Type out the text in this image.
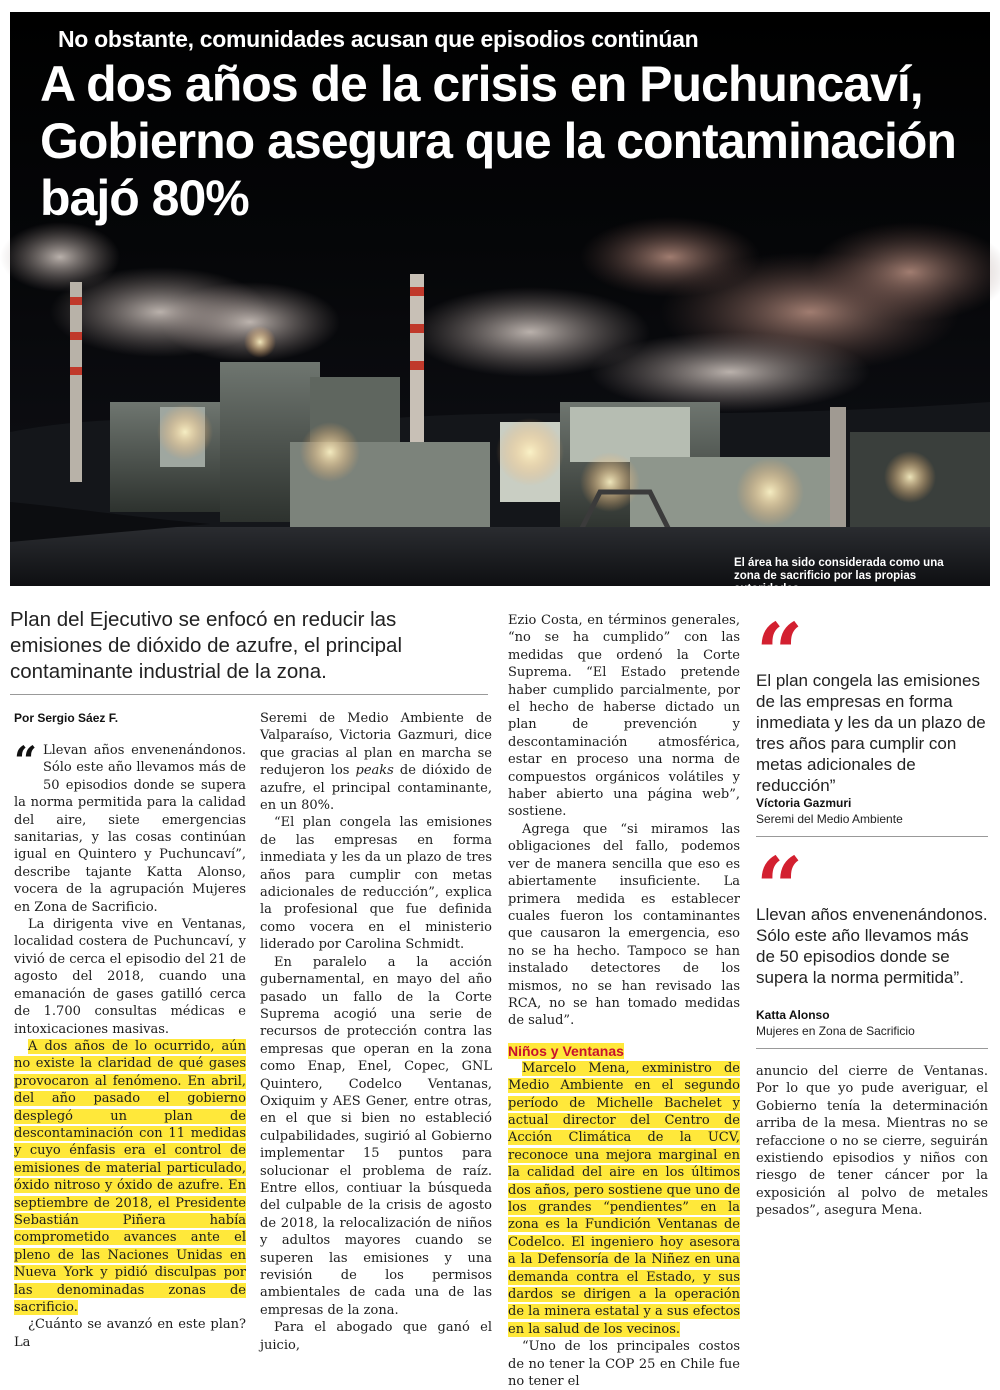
No obstante, comunidades acusan que episodios continúan

A dos años de la crisis en Puchuncaví, Gobierno asegura que la contaminación bajó 80%

El área ha sido considerada como una zona de sacrificio por las propias autoridades.

Plan del Ejecutivo se enfocó en reducir las emisiones de dióxido de azufre, el principal contaminante industrial de la zona.

Por Sergio Sáez F.

“ Llevan años envenenándonos. Sólo este año llevamos más de 50 episodios donde se supera la norma permitida para la calidad del aire, siete emergencias sanitarias, y las cosas continúan igual en Quintero y Puchuncaví”, describe tajante Katta Alonso, vocera de la agrupación Mujeres en Zona de Sacrificio.

La dirigenta vive en Ventanas, localidad costera de Puchuncaví, y vivió de cerca el episodio del 21 de agosto del 2018, cuando una emanación de gases gatilló cerca de 1.700 consultas médicas e intoxicaciones masivas.

A dos años de lo ocurrido, aún no existe la claridad de qué gases provocaron al fenómeno. En abril, del año pasado el gobierno desplegó un plan de descontaminación con 11 medidas y cuyo énfasis era el control de emisiones de material particulado, óxido nitroso y óxido de azufre. En septiembre de 2018, el Presidente Sebastián Piñera había comprometido avances ante el pleno de las Naciones Unidas en Nueva York y pidió disculpas por las denominadas zonas de sacrificio.

¿Cuánto se avanzó en este plan? La

Seremi de Medio Ambiente de Valparaíso, Victoria Gazmuri, dice que gracias al plan en marcha se redujeron los peaks de dióxido de azufre, el principal contaminante, en un 80%.

“El plan congela las emisiones de las empresas en forma inmediata y les da un plazo de tres años para cumplir con metas adicionales de reducción”, explica la profesional que fue definida como vocera en el ministerio liderado por Carolina Schmidt.

En paralelo a la acción gubernamental, en mayo del año pasado un fallo de la Corte Suprema acogió una serie de recursos de protección contra las empresas que operan en la zona como Enap, Enel, Copec, GNL Quintero, Codelco Ventanas, Oxiquim y AES Gener, entre otras, en el que si bien no estableció culpabilidades, sugirió al Gobierno implementar 15 puntos para solucionar el problema de raíz. Entre ellos, contiuar la búsqueda del culpable de la crisis de agosto de 2018, la relocalización de niños y adultos mayores cuando se superen las emisiones y una revisión de los permisos ambientales de cada una de las empresas de la zona.

Para el abogado que ganó el juicio,

Ezio Costa, en términos generales, “no se ha cumplido” con las medidas que ordenó la Corte Suprema. “El Estado pretende haber cumplido parcialmente, por el hecho de haberse dictado un plan de prevención y descontaminación atmosférica, estar en proceso una norma de compuestos orgánicos volátiles y haber abierto una página web”, sostiene.

Agrega que “si miramos las obligaciones del fallo, podemos ver de manera sencilla que eso es abiertamente insuficiente. La primera medida es establecer cuales fueron los contaminantes que causaron la emergencia, eso no se ha hecho. Tampoco se han instalado detectores de los mismos, no se han revisado las RCA, no se han tomado medidas de salud”.

Niños y Ventanas

Marcelo Mena, exministro de Medio Ambiente en el segundo período de Michelle Bachelet y actual director del Centro de Acción Climática de la UCV, reconoce una mejora marginal en la calidad del aire en los últimos dos años, pero sostiene que uno de los grandes “pendientes” en la zona es la Fundición Ventanas de Codelco. El ingeniero hoy asesora a la Defensoría de la Niñez en una demanda contra el Estado, y sus dardos se dirigen a la operación de la minera estatal y a sus efectos en la salud de los vecinos.

“Uno de los principales costos de no tener la COP 25 en Chile fue no tener el

“

El plan congela las emisiones de las empresas en forma inmediata y les da un plazo de tres años para cumplir con metas adicionales de reducción”

Víctoria Gazmuri

Seremi del Medio Ambiente

“

Llevan años envenenándonos. Sólo este año llevamos más de 50 episodios donde se supera la norma permitida”.

Katta Alonso

Mujeres en Zona de Sacrificio

anuncio del cierre de Ventanas. Por lo que yo pude averiguar, el Gobierno tenía la determinación arriba de la mesa. Mientras no se refaccione o no se cierre, seguirán existiendo episodios y niños con riesgo de tener cáncer por la exposición al polvo de metales pesados”, asegura Mena.
